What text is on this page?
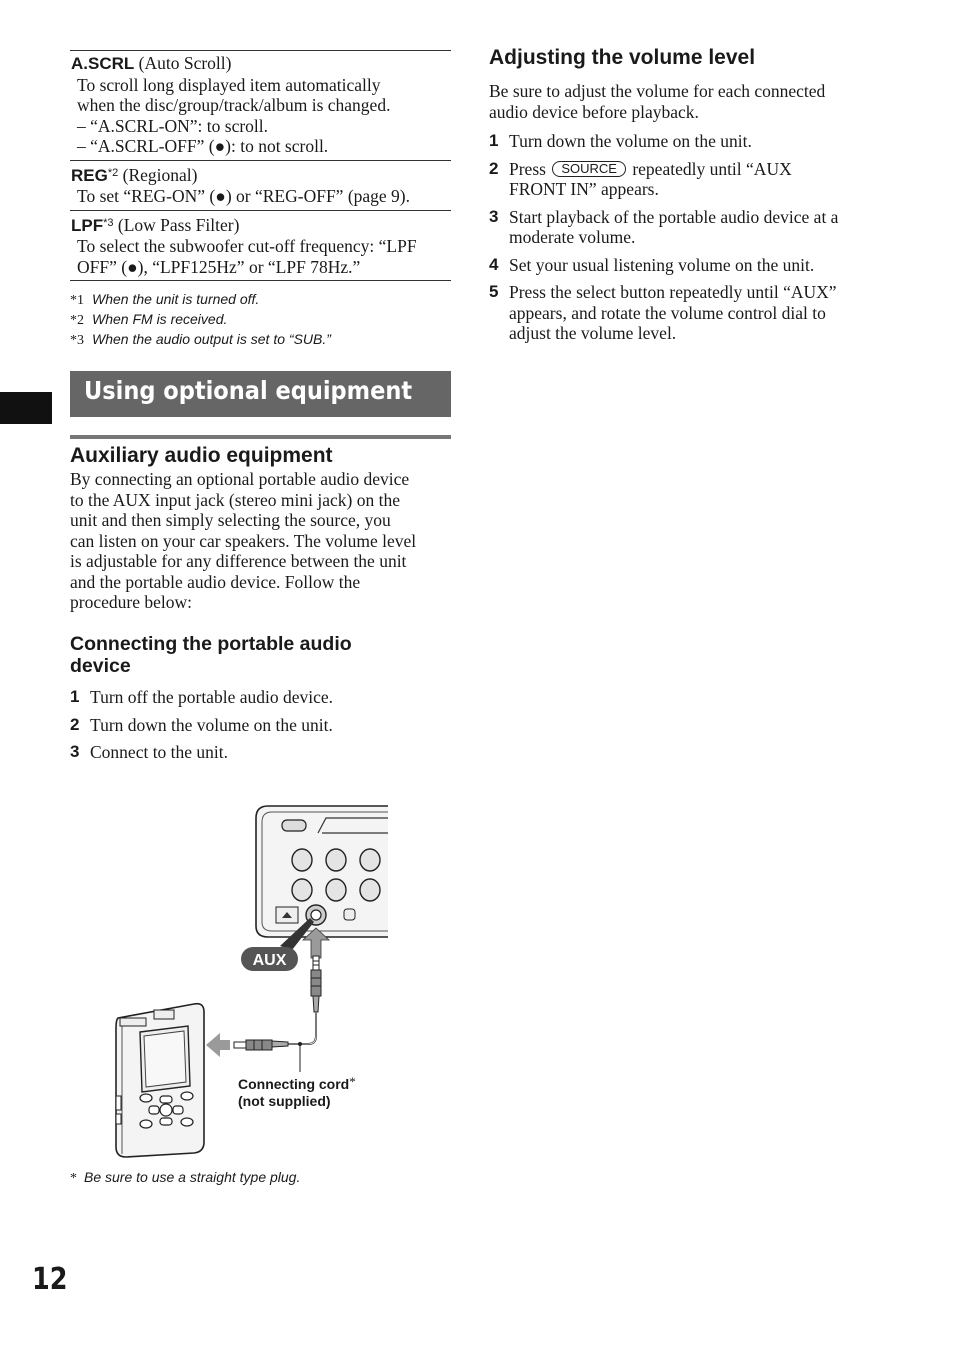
A.SCRL (Auto Scroll)
To scroll long displayed item automatically
when the disc/group/track/album is changed.
– “A.SCRL-ON”: to scroll.
– “A.SCRL-OFF” (●): to not scroll.
REG$^{*2}$ (Regional)
To set “REG-ON” (●) or “REG-OFF” (page 9).
LPF$^{*3}$ (Low Pass Filter)
To select the subwoofer cut-off frequency: “LPF
OFF” (●), “LPF125Hz” or “LPF 78Hz.”
*1 When the unit is turned off.
*2 When FM is received.
*3 When the audio output is set to “SUB.”
Using optional equipment
Auxiliary audio equipment
By connecting an optional portable audio device
to the AUX input jack (stereo mini jack) on the
unit and then simply selecting the source, you
can listen on your car speakers. The volume level
is adjustable for any difference between the unit
and the portable audio device. Follow the
procedure below:
Connecting the portable audio
device
1 Turn off the portable audio device.
2 Turn down the volume on the unit.
3 Connect to the unit.
AUX
Connecting cord*
(not supplied)
* Be sure to use a straight type plug.
Adjusting the volume level
Be sure to adjust the volume for each connected
audio device before playback.
1 Turn down the volume on the unit.
2 Press SOURCE repeatedly until “AUX
FRONT IN” appears.
3 Start playback of the portable audio device at a
moderate volume.
4 Set your usual listening volume on the unit.
5 Press the select button repeatedly until “AUX”
appears, and rotate the volume control dial to
adjust the volume level.
12
